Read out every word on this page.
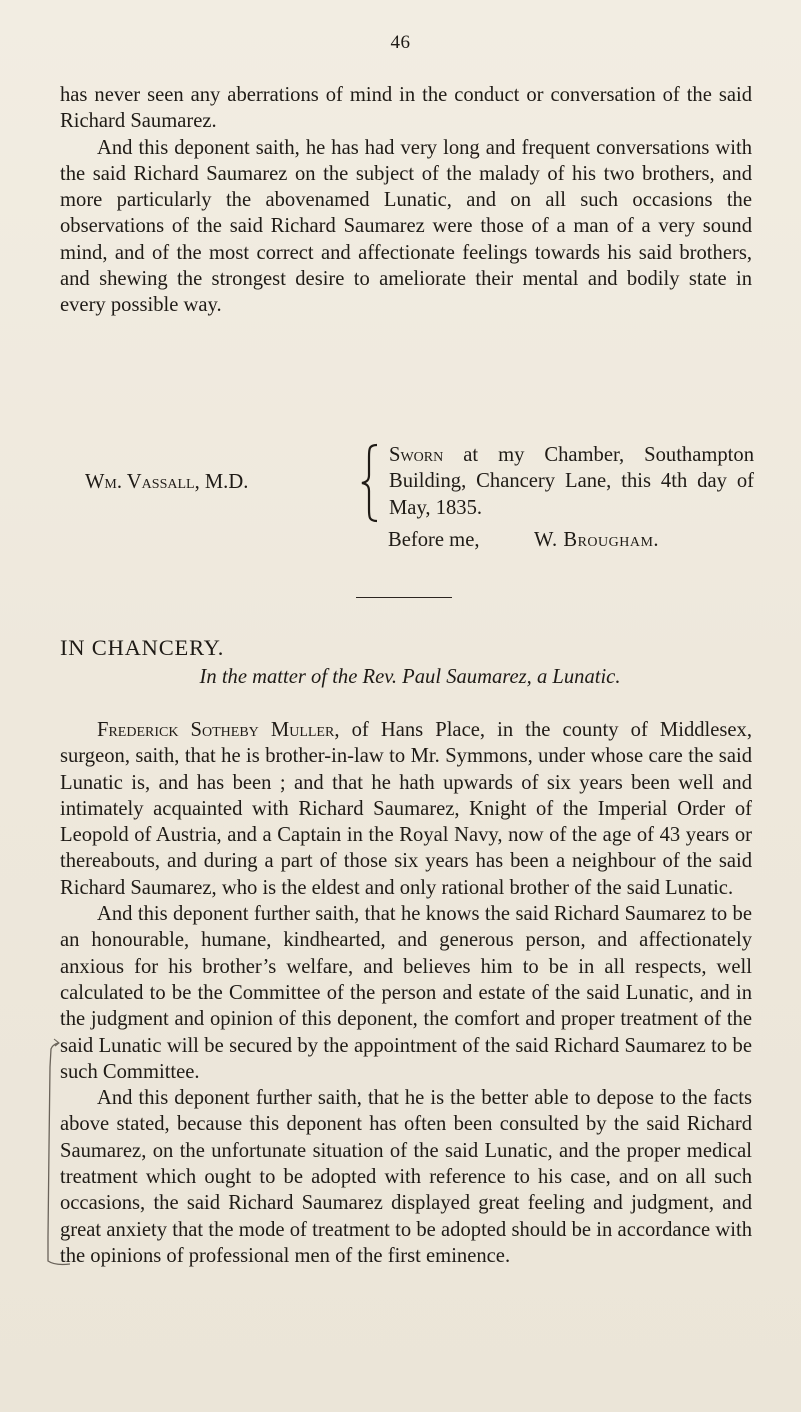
46

has never seen any aberrations of mind in the conduct or conversation of the said Richard Saumarez.

And this deponent saith, he has had very long and frequent conversations with the said Richard Saumarez on the subject of the malady of his two brothers, and more particularly the abovenamed Lunatic, and on all such occasions the observations of the said Richard Saumarez were those of a man of a very sound mind, and of the most correct and affectionate feelings towards his said brothers, and shewing the strongest desire to ameliorate their mental and bodily state in every possible way.

Wm. Vassall, M.D.
Sworn at my Chamber, Southampton Building, Chancery Lane, this 4th day of May, 1835.
Before me,	W. Brougham.
IN CHANCERY.
In the matter of the Rev. Paul Saumarez, a Lunatic.

Frederick Sotheby Muller, of Hans Place, in the county of Middlesex, surgeon, saith, that he is brother-in-law to Mr. Symmons, under whose care the said Lunatic is, and has been ; and that he hath upwards of six years been well and intimately acquainted with Richard Saumarez, Knight of the Imperial Order of Leopold of Austria, and a Captain in the Royal Navy, now of the age of 43 years or thereabouts, and during a part of those six years has been a neighbour of the said Richard Saumarez, who is the eldest and only rational brother of the said Lunatic.

And this deponent further saith, that he knows the said Richard Saumarez to be an honourable, humane, kindhearted, and generous person, and affectionately anxious for his brother’s welfare, and believes him to be in all respects, well calculated to be the Committee of the person and estate of the said Lunatic, and in the judgment and opinion of this deponent, the comfort and proper treatment of the said Lunatic will be secured by the appointment of the said Richard Saumarez to be such Committee.

And this deponent further saith, that he is the better able to depose to the facts above stated, because this deponent has often been consulted by the said Richard Saumarez, on the unfortunate situation of the said Lunatic, and the proper medical treatment which ought to be adopted with reference to his case, and on all such occasions, the said Richard Saumarez displayed great feeling and judgment, and great anxiety that the mode of treatment to be adopted should be in accordance with the opinions of professional men of the first eminence.
